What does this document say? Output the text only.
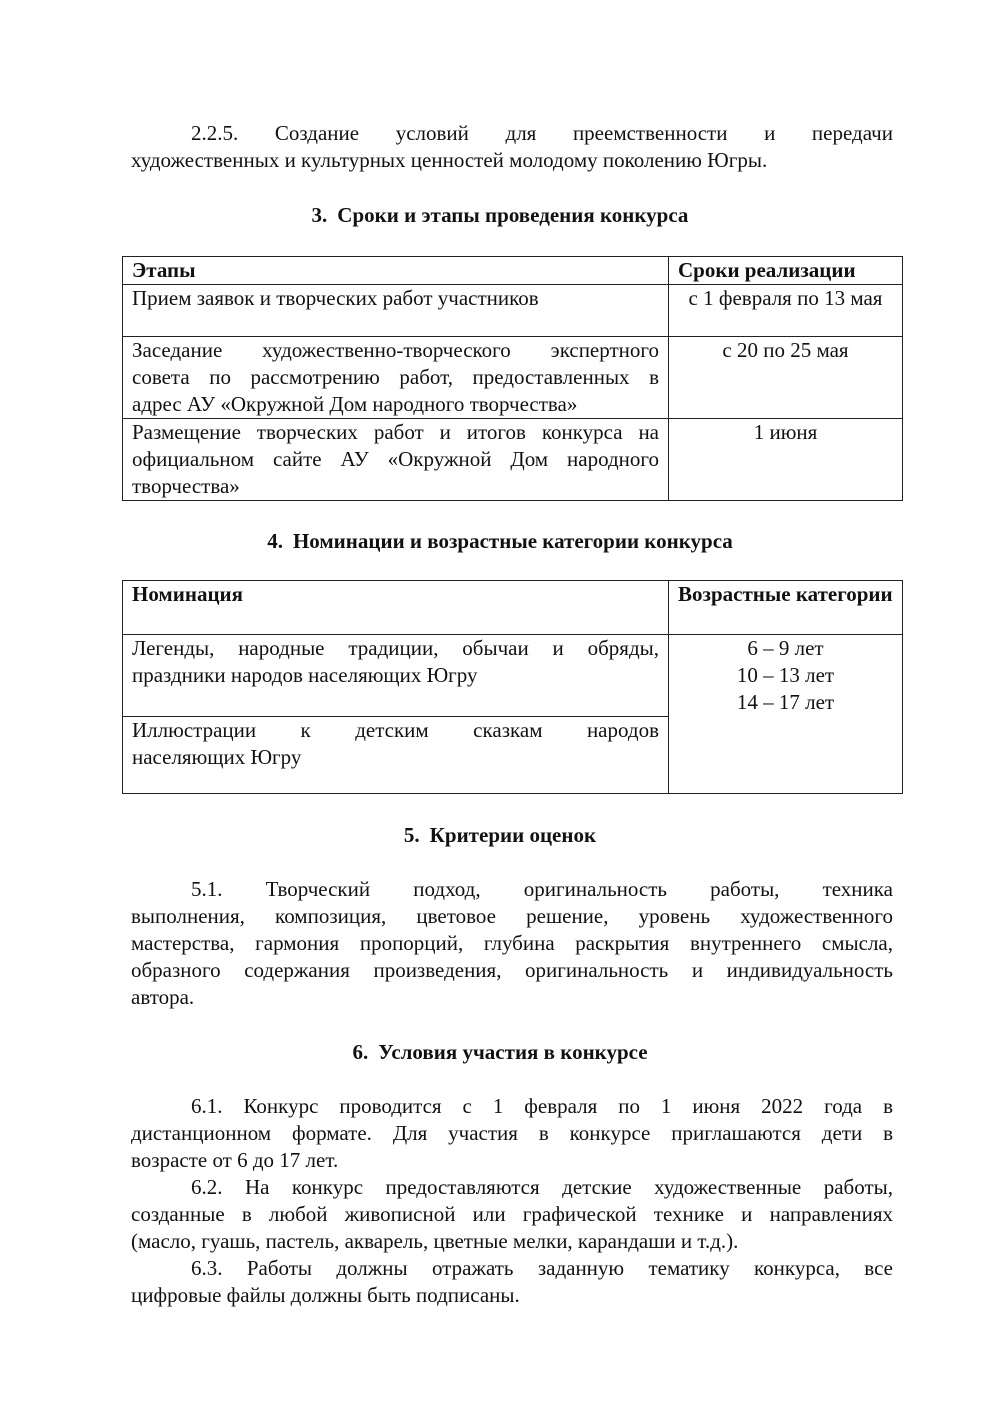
2.2.5. Создание условий для преемственности и передачи
художественных и культурных ценностей молодому поколению Югры.

3. Сроки и этапы проведения конкурса
Этапы	Сроки реализации

Прием заявок и творческих работ участников	с 1 февраля по 13 мая

Заседание художественно-творческого экспертного
совета по рассмотрению работ, предоставленных в
адрес АУ «Окружной Дом народного творчества»	с 20 по 25 мая

Размещение творческих работ и итогов конкурса на
официальном сайте АУ «Окружной Дом народного
творчества»	1 июня
4. Номинации и возрастные категории конкурса
Номинация	Возрастные категории

Легенды, народные традиции, обычаи и обряды,
праздники народов населяющих Югру	6 – 9 лет
10 – 13 лет
14 – 17 лет

Иллюстрации к детским сказкам народов
населяющих Югру	
5. Критерии оценок

5.1. Творческий подход, оригинальность работы, техника
выполнения, композиция, цветовое решение, уровень художественного
мастерства, гармония пропорций, глубина раскрытия внутреннего смысла,
образного содержания произведения, оригинальность и индивидуальность
автора.

6. Условия участия в конкурсе

6.1. Конкурс проводится с 1 февраля по 1 июня 2022 года в
дистанционном формате. Для участия в конкурсе приглашаются дети в
возрасте от 6 до 17 лет.

6.2. На конкурс предоставляются детские художественные работы,
созданные в любой живописной или графической технике и направлениях
(масло, гуашь, пастель, акварель, цветные мелки, карандаши и т.д.).

6.3. Работы должны отражать заданную тематику конкурса, все
цифровые файлы должны быть подписаны.
